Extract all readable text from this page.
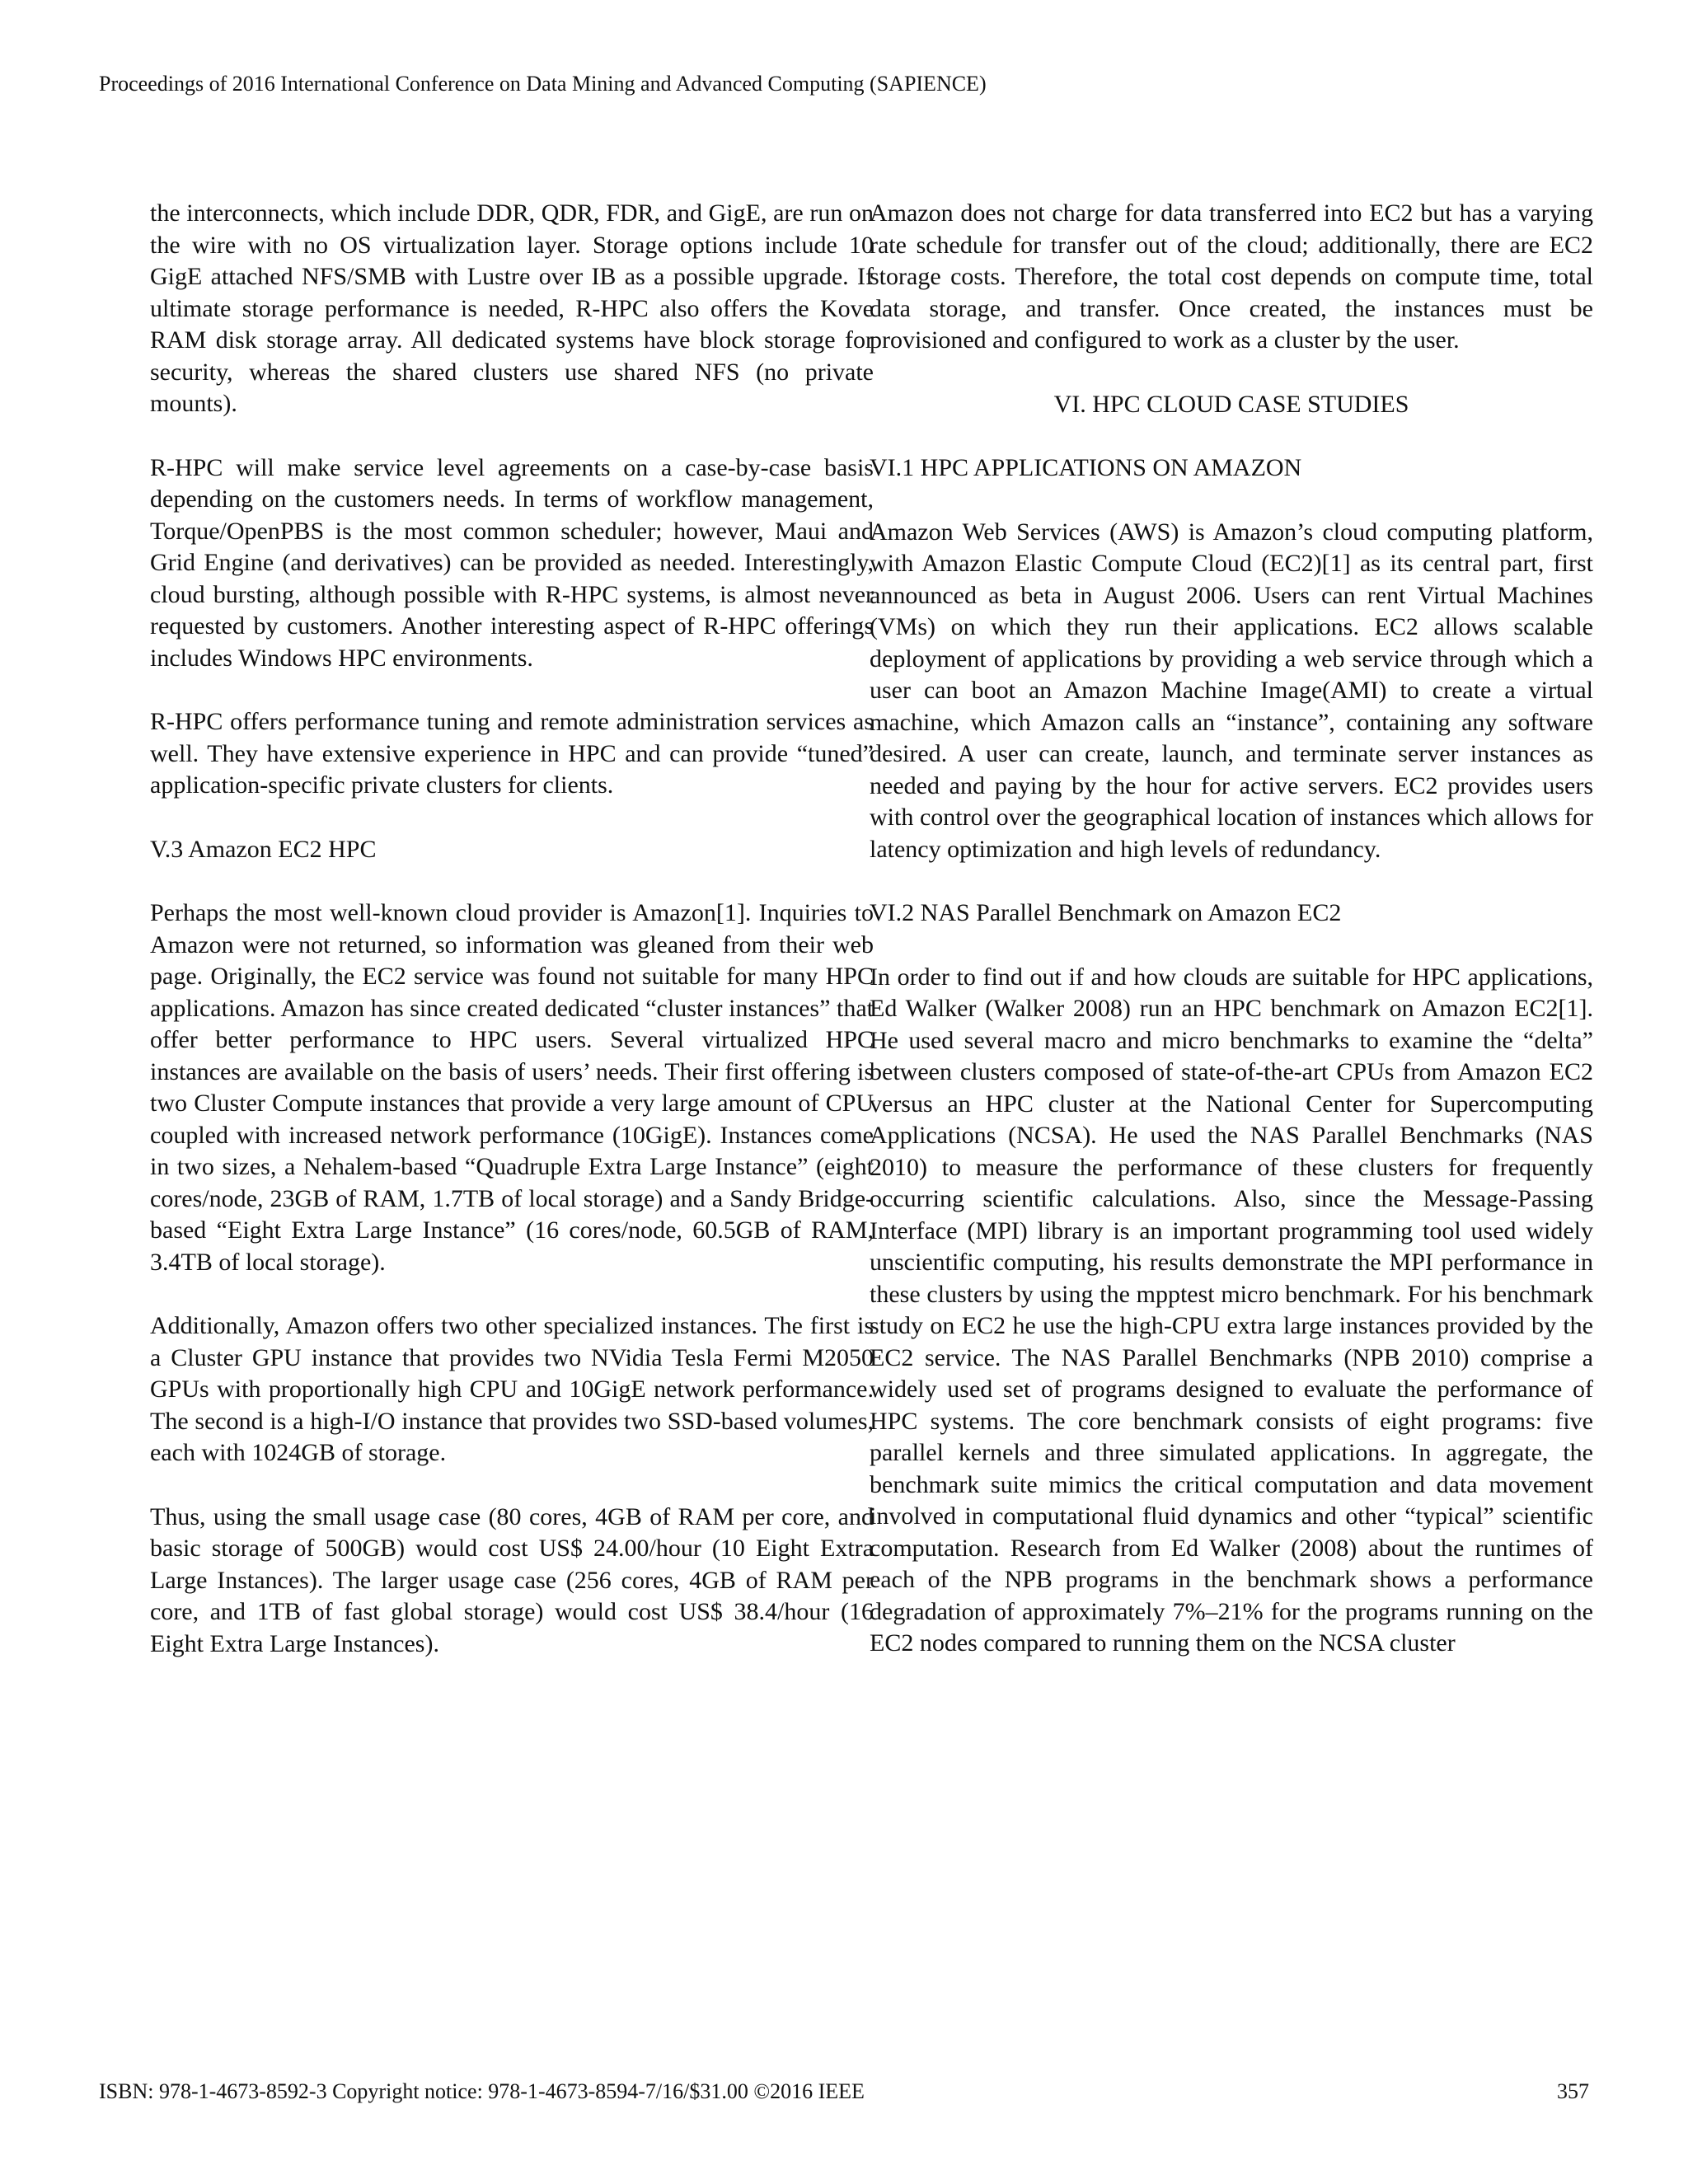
Proceedings of 2016 International Conference on Data Mining and Advanced Computing (SAPIENCE)

the interconnects, which include DDR, QDR, FDR, and GigE, are run on the wire with no OS virtualization layer. Storage options include 10 GigE attached NFS/SMB with Lustre over IB as a possible upgrade. If ultimate storage performance is needed, R-HPC also offers the Kove RAM disk storage array. All dedicated systems have block storage for security, whereas the shared clusters use shared NFS (no private mounts).

R-HPC will make service level agreements on a case-by-case basis depending on the customers needs. In terms of workflow management, Torque/OpenPBS is the most common scheduler; however, Maui and Grid Engine (and derivatives) can be provided as needed. Interestingly, cloud bursting, although possible with R-HPC systems, is almost never requested by customers. Another interesting aspect of R-HPC offerings includes Windows HPC environments.

R-HPC offers performance tuning and remote administration services as well. They have extensive experience in HPC and can provide “tuned” application-specific private clusters for clients.

V.3 Amazon EC2 HPC

Perhaps the most well-known cloud provider is Amazon[1]. Inquiries to Amazon were not returned, so information was gleaned from their web page. Originally, the EC2 service was found not suitable for many HPC applications. Amazon has since created dedicated “cluster instances” that offer better performance to HPC users. Several virtualized HPC instances are available on the basis of users’ needs. Their first offering is two Cluster Compute instances that provide a very large amount of CPU coupled with increased network performance (10GigE). Instances come in two sizes, a Nehalem-based “Quadruple Extra Large Instance” (eight cores/node, 23GB of RAM, 1.7TB of local storage) and a Sandy Bridge-based “Eight Extra Large Instance” (16 cores/node, 60.5GB of RAM, 3.4TB of local storage).

Additionally, Amazon offers two other specialized instances. The first is a Cluster GPU instance that provides two NVidia Tesla Fermi M2050 GPUs with proportionally high CPU and 10GigE network performance. The second is a high-I/O instance that provides two SSD-based volumes, each with 1024GB of storage.

Thus, using the small usage case (80 cores, 4GB of RAM per core, and basic storage of 500GB) would cost US$ 24.00/hour (10 Eight Extra Large Instances). The larger usage case (256 cores, 4GB of RAM per core, and 1TB of fast global storage) would cost US$ 38.4/hour (16 Eight Extra Large Instances).

Amazon does not charge for data transferred into EC2 but has a varying rate schedule for transfer out of the cloud; additionally, there are EC2 storage costs. Therefore, the total cost depends on compute time, total data storage, and transfer. Once created, the instances must be provisioned and configured to work as a cluster by the user.

VI. HPC CLOUD CASE STUDIES
VI.1 HPC APPLICATIONS ON AMAZON

Amazon Web Services (AWS) is Amazon’s cloud computing platform, with Amazon Elastic Compute Cloud (EC2)[1] as its central part, first announced as beta in August 2006. Users can rent Virtual Machines (VMs) on which they run their applications. EC2 allows scalable deployment of applications by providing a web service through which a user can boot an Amazon Machine Image(AMI) to create a virtual machine, which Amazon calls an “instance”, containing any software desired. A user can create, launch, and terminate server instances as needed and paying by the hour for active servers. EC2 provides users with control over the geographical location of instances which allows for latency optimization and high levels of redundancy.

VI.2 NAS Parallel Benchmark on Amazon EC2

In order to find out if and how clouds are suitable for HPC applications, Ed Walker (Walker 2008) run an HPC benchmark on Amazon EC2[1]. He used several macro and micro benchmarks to examine the “delta” between clusters composed of state-of-the-art CPUs from Amazon EC2 versus an HPC cluster at the National Center for Supercomputing Applications (NCSA). He used the NAS Parallel Benchmarks (NAS 2010) to measure the performance of these clusters for frequently occurring scientific calculations. Also, since the Message-Passing Interface (MPI) library is an important programming tool used widely unscientific computing, his results demonstrate the MPI performance in these clusters by using the mpptest micro benchmark. For his benchmark study on EC2 he use the high-CPU extra large instances provided by the EC2 service. The NAS Parallel Benchmarks (NPB 2010) comprise a widely used set of programs designed to evaluate the performance of HPC systems. The core benchmark consists of eight programs: five parallel kernels and three simulated applications. In aggregate, the benchmark suite mimics the critical computation and data movement involved in computational fluid dynamics and other “typical” scientific computation. Research from Ed Walker (2008) about the runtimes of each of the NPB programs in the benchmark shows a performance degradation of approximately 7%–21% for the programs running on the EC2 nodes compared to running them on the NCSA cluster

ISBN: 978-1-4673-8592-3 Copyright notice: 978-1-4673-8594-7/16/$31.00 ©2016 IEEE	357
